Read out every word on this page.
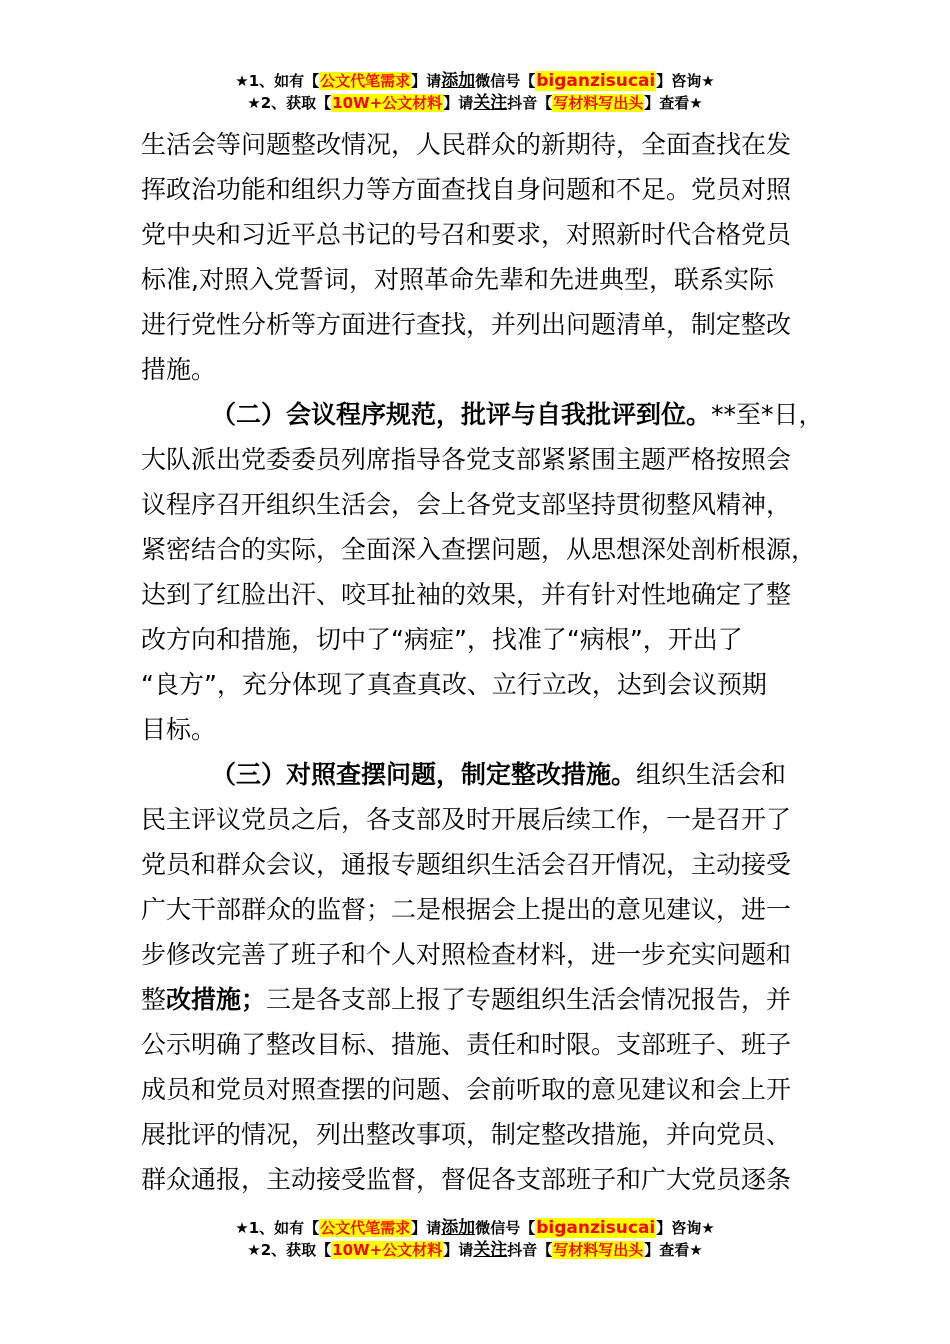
★1、如有【公文代笔需求】请添加微信号【biganzisucai】咨询★
★2、获取【10W+公文材料】请关注抖音【写材料写出头】查看★
生活会等问题整改情况，人民群众的新期待，全面查找在发
挥政治功能和组织力等方面查找自身问题和不足。党员对照
党中央和习近平总书记的号召和要求，对照新时代合格党员
标准,对照入党誓词，对照革命先辈和先进典型，联系实际
进行党性分析等方面进行查找，并列出问题清单，制定整改
措施。
（二）会议程序规范，批评与自我批评到位。**至*日，
大队派出党委委员列席指导各党支部紧紧围主题严格按照会
议程序召开组织生活会，会上各党支部坚持贯彻整风精神，
紧密结合的实际，全面深入查摆问题，从思想深处剖析根源，
达到了红脸出汗、咬耳扯袖的效果，并有针对性地确定了整
改方向和措施，切中了“病症”，找准了“病根”，开出了
“良方”，充分体现了真查真改、立行立改，达到会议预期
目标。
（三）对照查摆问题，制定整改措施。组织生活会和
民主评议党员之后，各支部及时开展后续工作，一是召开了
党员和群众会议，通报专题组织生活会召开情况，主动接受
广大干部群众的监督；二是根据会上提出的意见建议，进一
步修改完善了班子和个人对照检查材料，进一步充实问题和
整改措施；三是各支部上报了专题组织生活会情况报告，并
公示明确了整改目标、措施、责任和时限。支部班子、班子
成员和党员对照查摆的问题、会前听取的意见建议和会上开
展批评的情况，列出整改事项，制定整改措施，并向党员、
群众通报，主动接受监督，督促各支部班子和广大党员逐条
★1、如有【公文代笔需求】请添加微信号【biganzisucai】咨询★
★2、获取【10W+公文材料】请关注抖音【写材料写出头】查看★
